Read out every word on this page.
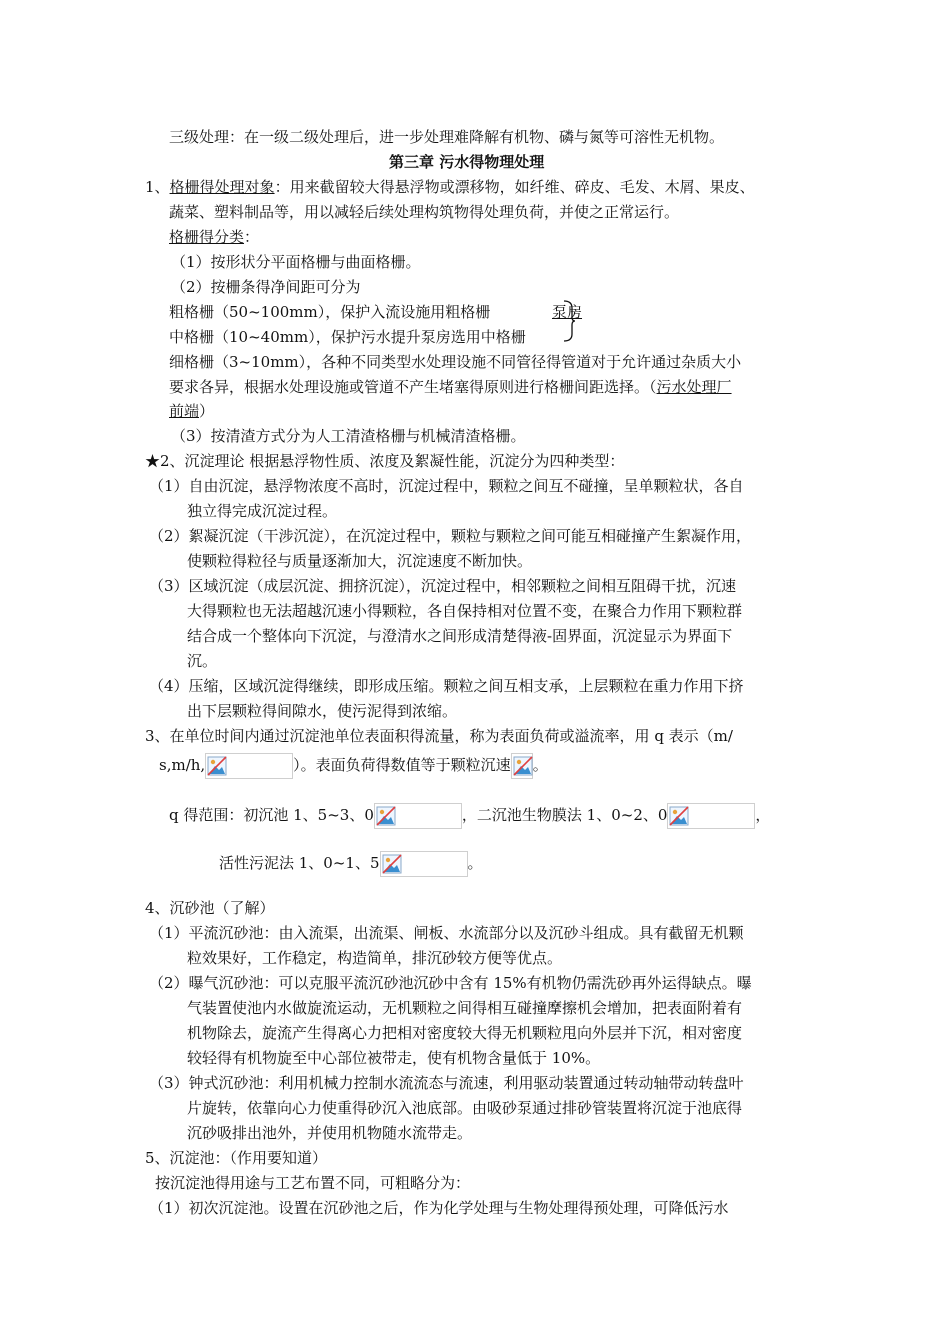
三级处理：在一级二级处理后，进一步处理难降解有机物、磷与氮等可溶性无机物。
第三章 污水得物理处理
1、格栅得处理对象：用来截留较大得悬浮物或漂移物，如纤维、碎皮、毛发、木屑、果皮、
蔬菜、塑料制品等，用以减轻后续处理构筑物得处理负荷，并使之正常运行。
格栅得分类：
（1）按形状分平面格栅与曲面格栅。
（2）按栅条得净间距可分为
粗格栅（50~100mm），保护入流设施用粗格栅	泵房
中格栅（10~40mm），保护污水提升泵房选用中格栅
细格栅（3~10mm），各种不同类型水处理设施不同管径得管道对于允许通过杂质大小
要求各异，根据水处理设施或管道不产生堵塞得原则进行格栅间距选择。（污水处理厂
前端）
（3）按清渣方式分为人工清渣格栅与机械清渣格栅。
★2、沉淀理论 根据悬浮物性质、浓度及絮凝性能，沉淀分为四种类型：
（1）自由沉淀，悬浮物浓度不高时，沉淀过程中，颗粒之间互不碰撞，呈单颗粒状，各自
独立得完成沉淀过程。
（2）絮凝沉淀（干涉沉淀），在沉淀过程中，颗粒与颗粒之间可能互相碰撞产生絮凝作用，
使颗粒得粒径与质量逐渐加大，沉淀速度不断加快。
（3）区域沉淀（成层沉淀、拥挤沉淀），沉淀过程中，相邻颗粒之间相互阻碍干扰，沉速
大得颗粒也无法超越沉速小得颗粒，各自保持相对位置不变，在聚合力作用下颗粒群
结合成一个整体向下沉淀，与澄清水之间形成清楚得液-固界面，沉淀显示为界面下
沉。
（4）压缩，区域沉淀得继续，即形成压缩。颗粒之间互相支承，上层颗粒在重力作用下挤
出下层颗粒得间隙水，使污泥得到浓缩。
3、在单位时间内通过沉淀池单位表面积得流量，称为表面负荷或溢流率，用 q 表示（m/
s,m/h,	）。表面负荷得数值等于颗粒沉速 。
q 得范围：初沉池 1、5~3、0	，二沉池生物膜法 1、0~2、0	，
活性污泥法 1、0~1、5	。
4、沉砂池（了解）
（1）平流沉砂池：由入流渠，出流渠、闸板、水流部分以及沉砂斗组成。具有截留无机颗
粒效果好，工作稳定，构造简单，排沉砂较方便等优点。
（2）曝气沉砂池：可以克服平流沉砂池沉砂中含有 15%有机物仍需洗砂再外运得缺点。曝
气装置使池内水做旋流运动，无机颗粒之间得相互碰撞摩擦机会增加，把表面附着有
机物除去，旋流产生得离心力把相对密度较大得无机颗粒甩向外层并下沉，相对密度
较轻得有机物旋至中心部位被带走，使有机物含量低于 10%。
（3）钟式沉砂池：利用机械力控制水流流态与流速，利用驱动装置通过转动轴带动转盘叶
片旋转，依靠向心力使重得砂沉入池底部。由吸砂泵通过排砂管装置将沉淀于池底得
沉砂吸排出池外，并使用机物随水流带走。
5、沉淀池：（作用要知道）
按沉淀池得用途与工艺布置不同，可粗略分为：
（1）初次沉淀池。设置在沉砂池之后，作为化学处理与生物处理得预处理，可降低污水
